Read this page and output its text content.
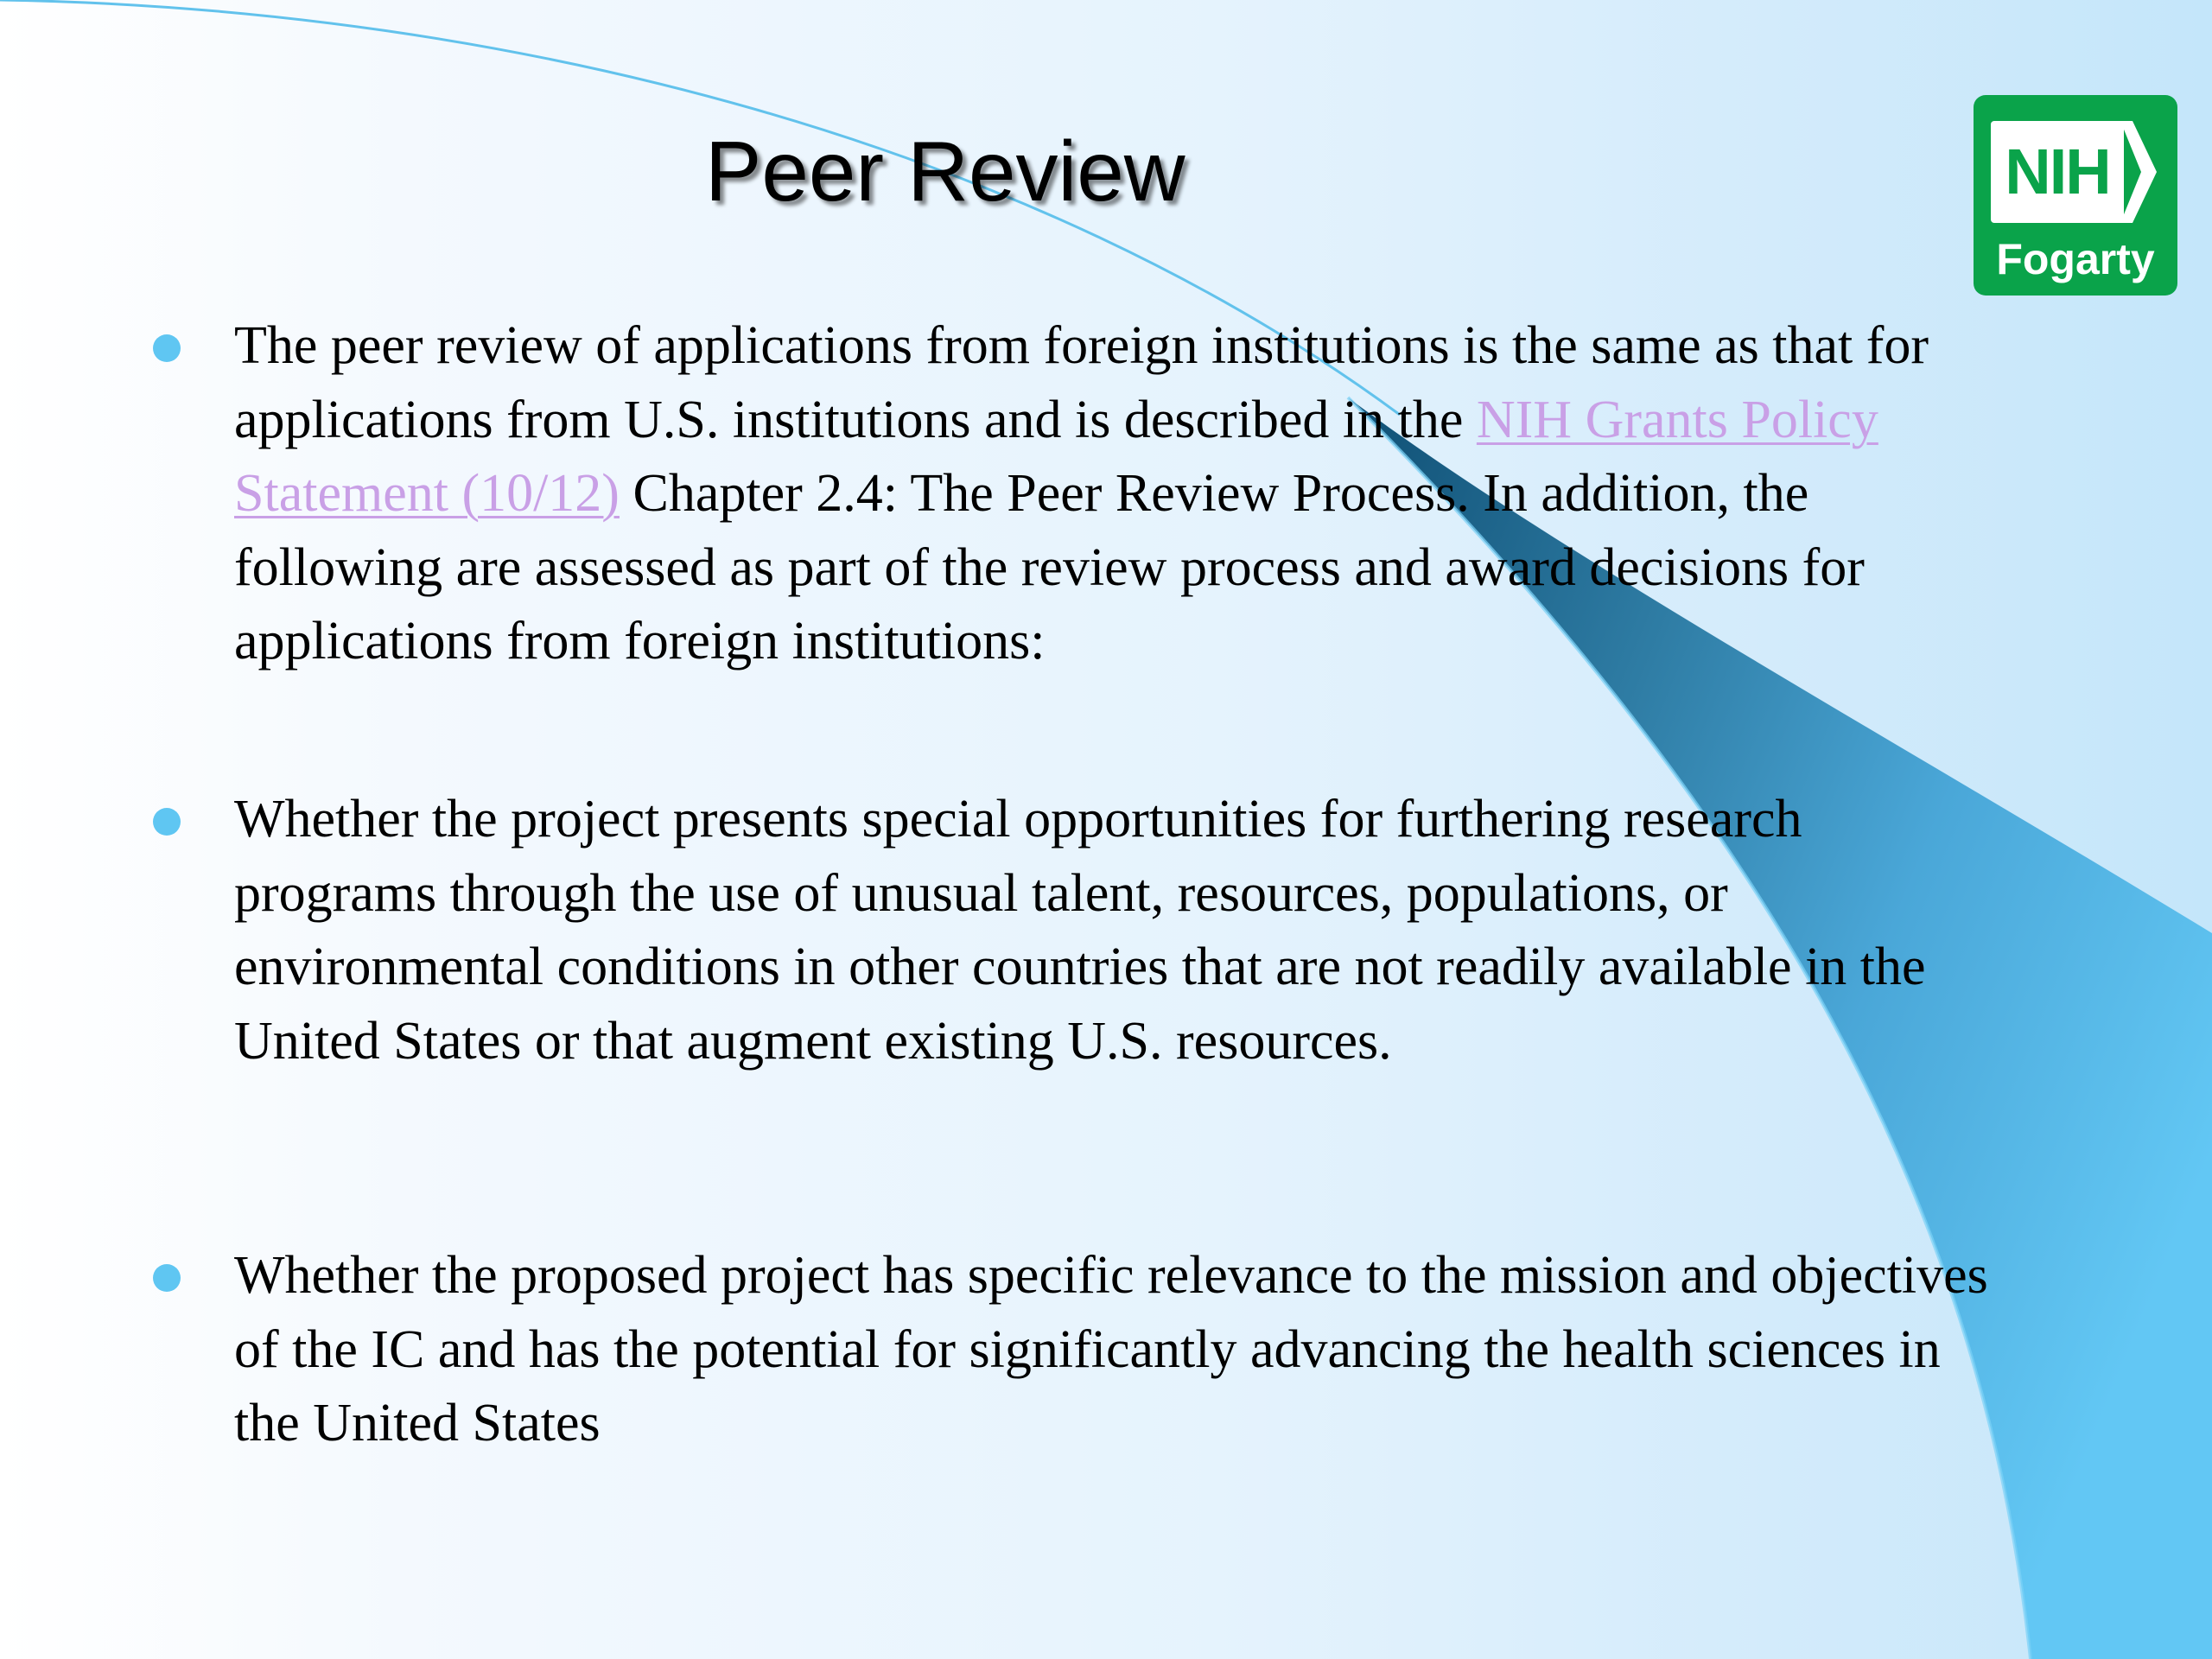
Peer Review	NIH
Fogarty
The peer review of applications from foreign institutions is the same as that for applications from U.S. institutions and is described in the NIH Grants Policy Statement (10/12) Chapter 2.4: The Peer Review Process. In addition, the following are assessed as part of the review process and award decisions for applications from foreign institutions:
Whether the project presents special opportunities for furthering research programs through the use of unusual talent, resources, populations, or environmental conditions in other countries that are not readily available in the United States or that augment existing U.S. resources.
Whether the proposed project has specific relevance to the mission and objectives of the IC and has the potential for significantly advancing the health sciences in the United States
